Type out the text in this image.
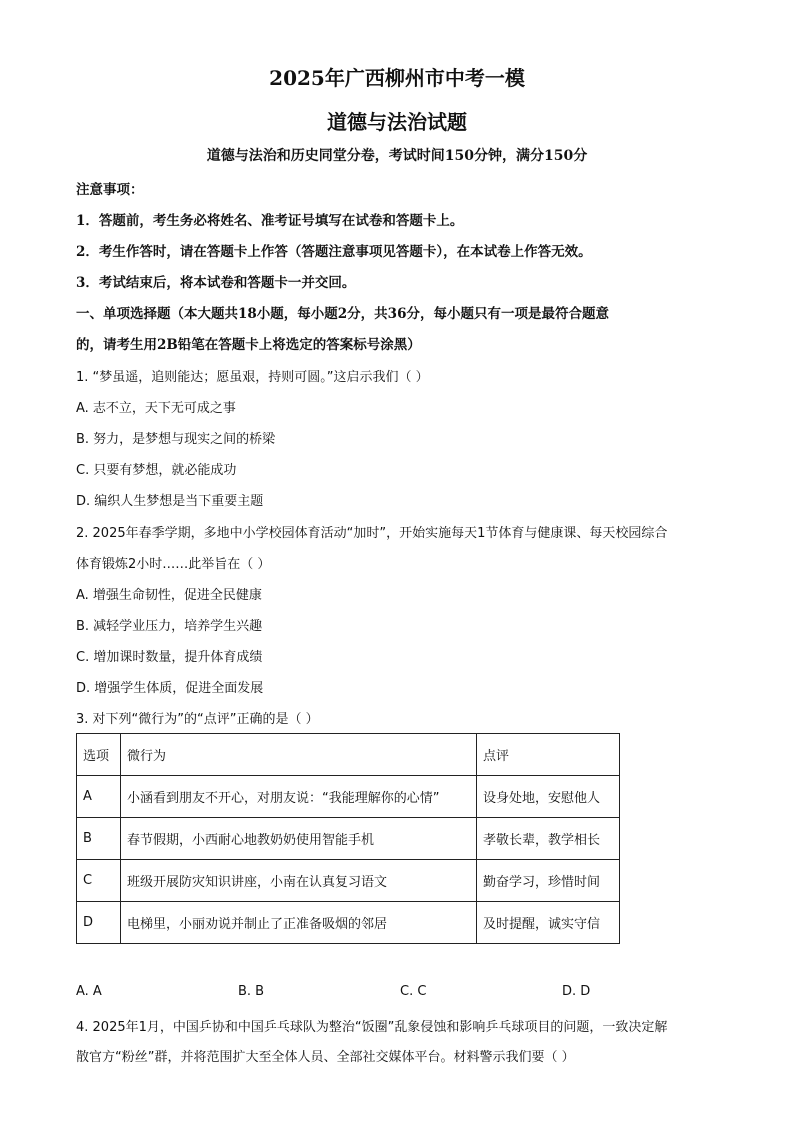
2025年广西柳州市中考一模
道德与法治试题
道德与法治和历史同堂分卷，考试时间150分钟，满分150分
注意事项：
1．答题前，考生务必将姓名、准考证号填写在试卷和答题卡上。
2．考生作答时，请在答题卡上作答（答题注意事项见答题卡），在本试卷上作答无效。
3．考试结束后，将本试卷和答题卡一并交回。
一、单项选择题（本大题共18小题，每小题2分，共36分，每小题只有一项是最符合题意
的，请考生用2B铅笔在答题卡上将选定的答案标号涂黑）
1. “梦虽遥，追则能达；愿虽艰，持则可圆。”这启示我们（ ）
A. 志不立，天下无可成之事
B. 努力，是梦想与现实之间的桥梁
C. 只要有梦想，就必能成功
D. 编织人生梦想是当下重要主题
2. 2025年春季学期，多地中小学校园体育活动“加时”，开始实施每天1节体育与健康课、每天校园综合
体育锻炼2小时……此举旨在（ ）
A. 增强生命韧性，促进全民健康
B. 减轻学业压力，培养学生兴趣
C. 增加课时数量，提升体育成绩
D. 增强学生体质，促进全面发展
3. 对下列“微行为”的“点评”正确的是（ ）
选项	微行为	点评
A	小涵看到朋友不开心，对朋友说：“我能理解你的心情”	设身处地，安慰他人
B	春节假期，小西耐心地教奶奶使用智能手机	孝敬长辈，教学相长
C	班级开展防灾知识讲座，小南在认真复习语文	勤奋学习，珍惜时间
D	电梯里，小丽劝说并制止了正准备吸烟的邻居	及时提醒，诚实守信
A. A	B. B	C. C	D. D
4. 2025年1月，中国乒协和中国乒乓球队为整治“饭圈”乱象侵蚀和影响乒乓球项目的问题，一致决定解
散官方“粉丝”群，并将范围扩大至全体人员、全部社交媒体平台。材料警示我们要（ ）
